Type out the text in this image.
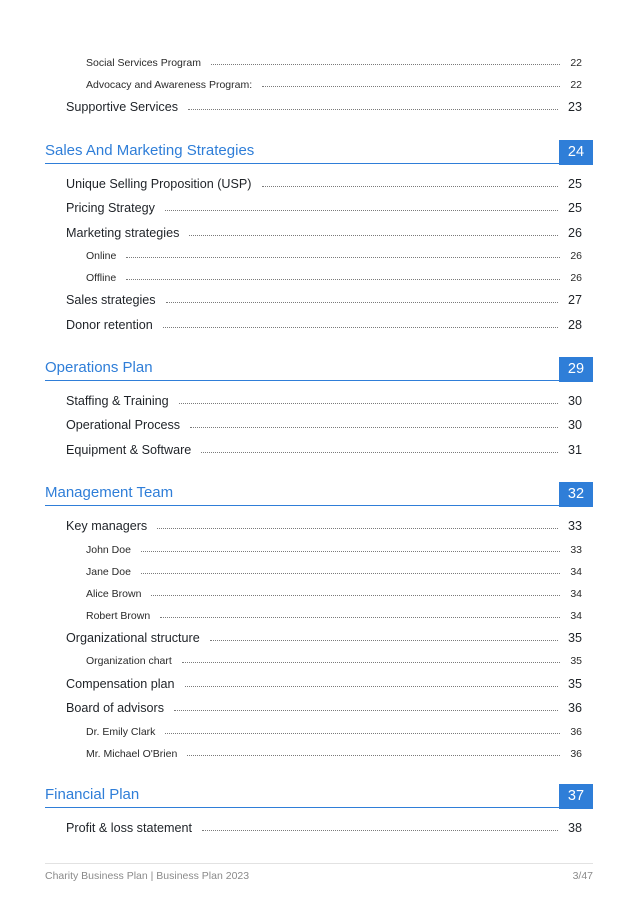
Social Services Program	22
Advocacy and Awareness Program:	22
Supportive Services	23
Sales And Marketing Strategies	24
Unique Selling Proposition (USP)	25
Pricing Strategy	25
Marketing strategies	26
Online	26
Offline	26
Sales strategies	27
Donor retention	28
Operations Plan	29
Staffing & Training	30
Operational Process	30
Equipment & Software	31
Management Team	32
Key managers	33
John Doe	33
Jane Doe	34
Alice Brown	34
Robert Brown	34
Organizational structure	35
Organization chart	35
Compensation plan	35
Board of advisors	36
Dr. Emily Clark	36
Mr. Michael O'Brien	36
Financial Plan	37
Profit & loss statement	38
Charity Business Plan | Business Plan 2023	3/47
